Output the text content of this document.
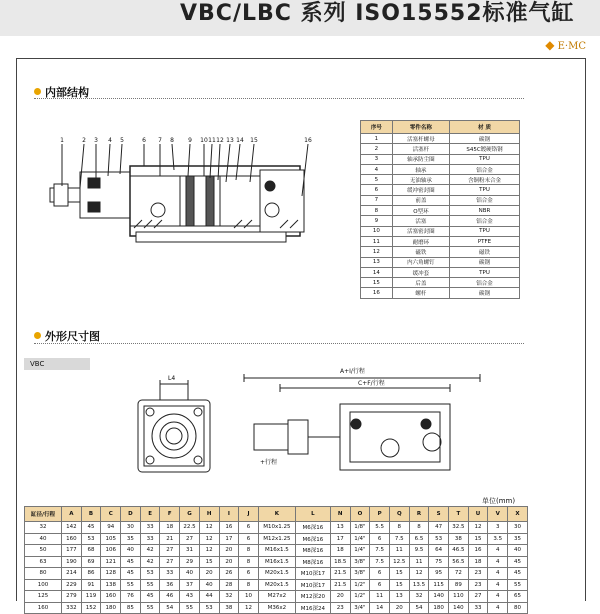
VBC/LBC 系列 ISO15552标准气缸
◆ E·MC
内部结构
1	2 3 4 5	6 7 8 9 10 11 12 13 14 15	16
序号	零件名称	材 质
1	活塞杆螺母	碳钢
2	活塞杆	S45C镀硬铬钢
3	轴承防尘圈	TPU
4	轴承	铝合金
5	无油轴承	含铜粉末合金
6	缓冲密封圈	TPU
7	前盖	铝合金
8	O型环	NBR
9	活塞	铝合金
10	活塞密封圈	TPU
11	耐磨环	PTFE
12	磁铁	磁铁
13	内六角螺钉	碳钢
14	缓冲套	TPU
15	后盖	铝合金
16	螺杆	碳钢
外形尺寸图
VBC
L4
A+I/行程
C+F/行程
+行程
单位(mm)
缸径/行程	A	B	C	D	E	F	G	H	I	J	K	L	N	O	P	Q	R	S	T	U	V	X
32	142	45	94	30	33	18	22.5	12	16	6	M10x1.25	M6深16	13	1/8"	5.5	8	8	47	32.5	12	3	30
40	160	53	105	35	33	21	27	12	17	6	M12x1.25	M6深16	17	1/4"	6	7.5	6.5	53	38	15	3.5	35
50	177	68	106	40	42	27	31	12	20	8	M16x1.5	M8深16	18	1/4"	7.5	11	9.5	64	46.5	16	4	40
63	190	69	121	45	42	27	29	15	20	8	M16x1.5	M8深16	18.5	3/8"	7.5	12.5	11	75	56.5	18	4	45
80	214	86	128	45	53	33	40	20	26	6	M20x1.5	M10深17	21.5	3/8"	6	15	12	95	72	23	4	45
100	229	91	138	55	55	36	37	40	28	8	M20x1.5	M10深17	21.5	1/2"	6	15	13.5	115	89	23	4	55
125	279	119	160	76	45	46	43	44	32	10	M27x2	M12深20	20	1/2"	11	13	32	140	110	27	4	65
160	332	152	180	85	55	54	55	53	38	12	M36x2	M16深24	23	3/4"	14	20	54	180	140	33	4	80
